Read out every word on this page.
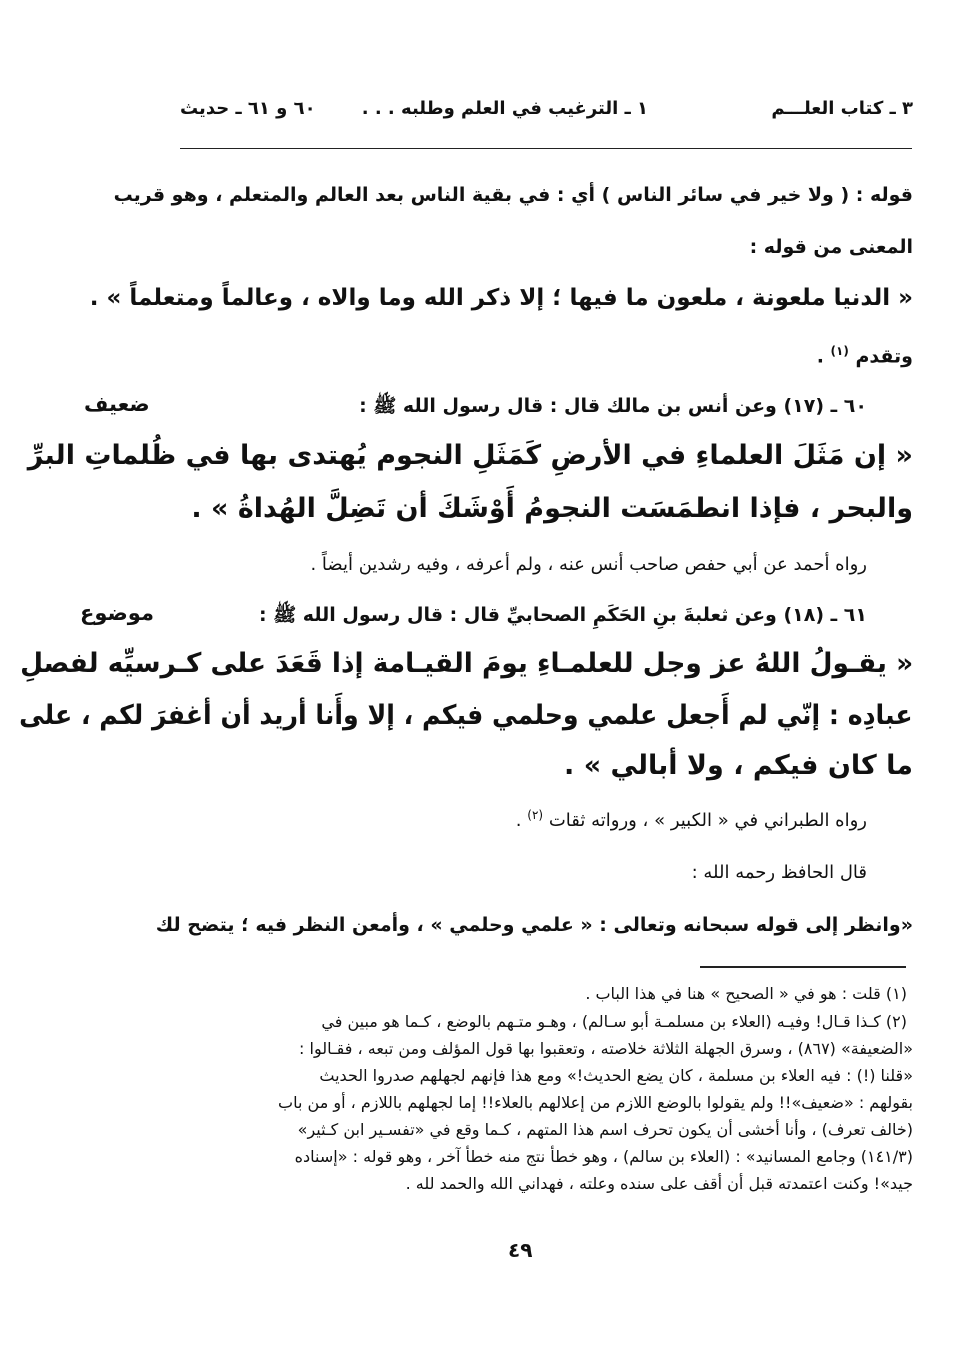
٣ ـ كتاب العلـــم
١ ـ الترغيب في العلم وطلبه . . .
٦٠ و ٦١ ـ حديث
قوله : ( ولا خير في سائر الناس ) أي : في بقية الناس بعد العالم والمتعلم ، وهو قريب
المعنى من قوله :
« الدنيا ملعونة ، ملعون ما فيها ؛ إلا ذكر الله وما والاه ، وعالماً ومتعلماً » .
وتقدم $^{(١)}$ .
٦٠ ـ (١٧) وعن أنس بن مالك قال : قال رسول الله ﷺ :
ضعيف
« إن مَثَلَ العلماءِ في الأرضِ كَمَثَلِ النجوم يُهتدى بها في ظُلماتِ البرِّ
والبحر ، فإذا انطمَسَت النجومُ أَوْشَكَ أن تَضِلَّ الهُداةُ » .
رواه أحمد عن أبي حفص صاحب أنس عنه ، ولم أعرفه ، وفيه رشدين أيضاً .
٦١ ـ (١٨) وعن ثعلبةَ بنِ الحَكَمِ الصحابيِّ قال : قال رسول الله ﷺ :
موضوع
« يقـولُ اللهُ عز وجل للعلمـاءِ يومَ القيـامة إذا قَعَدَ على كـرسيِّه لفصلِ
عبادِه : إنّي لم أَجعل علمي وحلمي فيكم ، إلا وأَنا أريد أن أغفرَ لكم ، على
ما كان فيكم ، ولا أبالي » .
رواه الطبراني في « الكبير » ، ورواته ثقات $^{(٢)}$ .
قال الحافظ رحمه الله :
«وانظر إلى قوله سبحانه وتعالى : « علمي وحلمي » ، وأمعن النظر فيه ؛ يتضح لك
(١) قلت : هو في « الصحيح » هنا في هذا الباب .
(٢) كـذا قـال! وفيـه (العلاء بن مسلمـة أبو سـالم) ، وهـو متـهم بالوضع ، كـما هو مبين في
«الضعيفة» (٨٦٧) ، وسرق الجهلة الثلاثة خلاصته ، وتعقبوا بها قول المؤلف ومن تبعه ، فقـالوا :
«قلنا (!) : فيه العلاء بن مسلمة ، كان يضع الحديث!» ومع هذا فإنهم لجهلهم صدروا الحديث
بقولهم : «ضعيف»!! ولم يقولوا بالوضع اللازم من إعلالهم بالعلاء!! إما لجهلهم باللازم ، أو من باب
(خالف تعرف) ، وأنا أخشى أن يكون تحرف اسم هذا المتهم ، كـما وقع في «تفسـير ابن كـثير»
(١٤١/٣) وجامع المسانيد» : (العلاء بن سالم) ، وهو خطأ نتج منه خطأ آخر ، وهو قوله : «إسناده
جيد»! وكنت اعتمدته قبل أن أقف على سنده وعلته ، فهداني الله والحمد لله .
٤٩
